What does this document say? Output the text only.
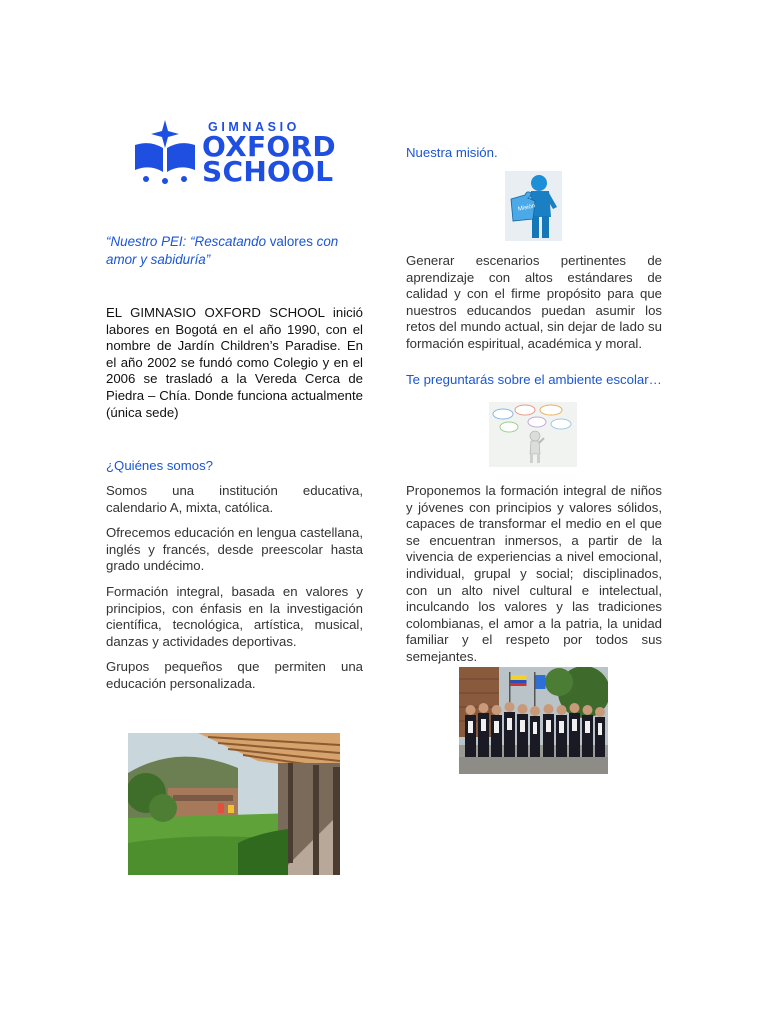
GIMNASIO
OXFORD
SCHOOL
“Nuestro PEI: “Rescatando valores con amor y sabiduría”

EL GIMNASIO OXFORD SCHOOL inició labores en Bogotá en el año 1990, con el nombre de Jardín Children’s Paradise. En el año 2002 se fundó como Colegio y en el 2006 se trasladó a la Vereda Cerca de Piedra – Chía. Donde funciona actualmente (única sede)

¿Quiénes somos?

Somos una institución educativa, calendario A, mixta, católica.

Ofrecemos educación en lengua castellana, inglés y francés, desde preescolar hasta grado undécimo.

Formación integral, basada en valores y principios, con énfasis en la investigación científica, tecnológica, artística, musical, danzas y actividades deportivas.

Grupos pequeños que permiten una educación personalizada.

Nuestra misión.
Misión

Generar escenarios pertinentes de aprendizaje con altos estándares de calidad y con el firme propósito para que nuestros educandos puedan asumir los retos del mundo actual, sin dejar de lado su formación espiritual, académica y moral.

Te preguntarás sobre el ambiente escolar…

Proponemos la formación integral de niños y jóvenes con principios y valores sólidos, capaces de transformar el medio en el que se encuentran inmersos, a partir de la vivencia de experiencias a nivel emocional, individual, grupal y social; disciplinados, con un alto nivel cultural e intelectual, inculcando los valores y las tradiciones colombianas, el amor a la patria, la unidad familiar y el respeto por todos sus semejantes.
